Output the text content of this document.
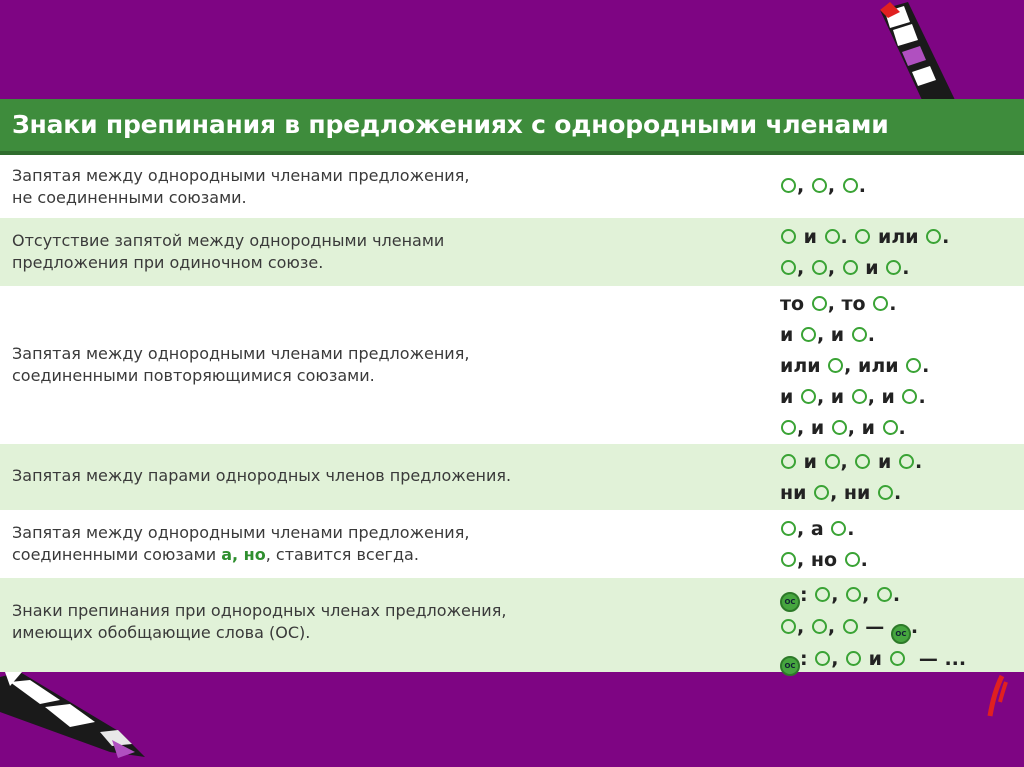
Знаки препинания в предложениях с однородными членами
Запятая между однородными членами предложения,
не соединенными союзами.
, , .
Отсутствие запятой между однородными членами
предложения при одиночном союзе.
и .  или .
, ,  и .
Запятая между однородными членами предложения,
соединенными повторяющимися союзами.
то , то .
и , и .
или , или .
и , и , и .
, и , и .
Запятая между парами однородных членов предложения.
и ,  и .
ни , ни .
Запятая между однородными членами предложения,
соединенными союзами а, но, ставится всегда.
, а .
, но .
Знаки препинания при однородных членах предложения,
имеющих обобщающие слова (ОС).
ОС : , , .
, ,  — ОС .
ОС : ,  и   — ...
